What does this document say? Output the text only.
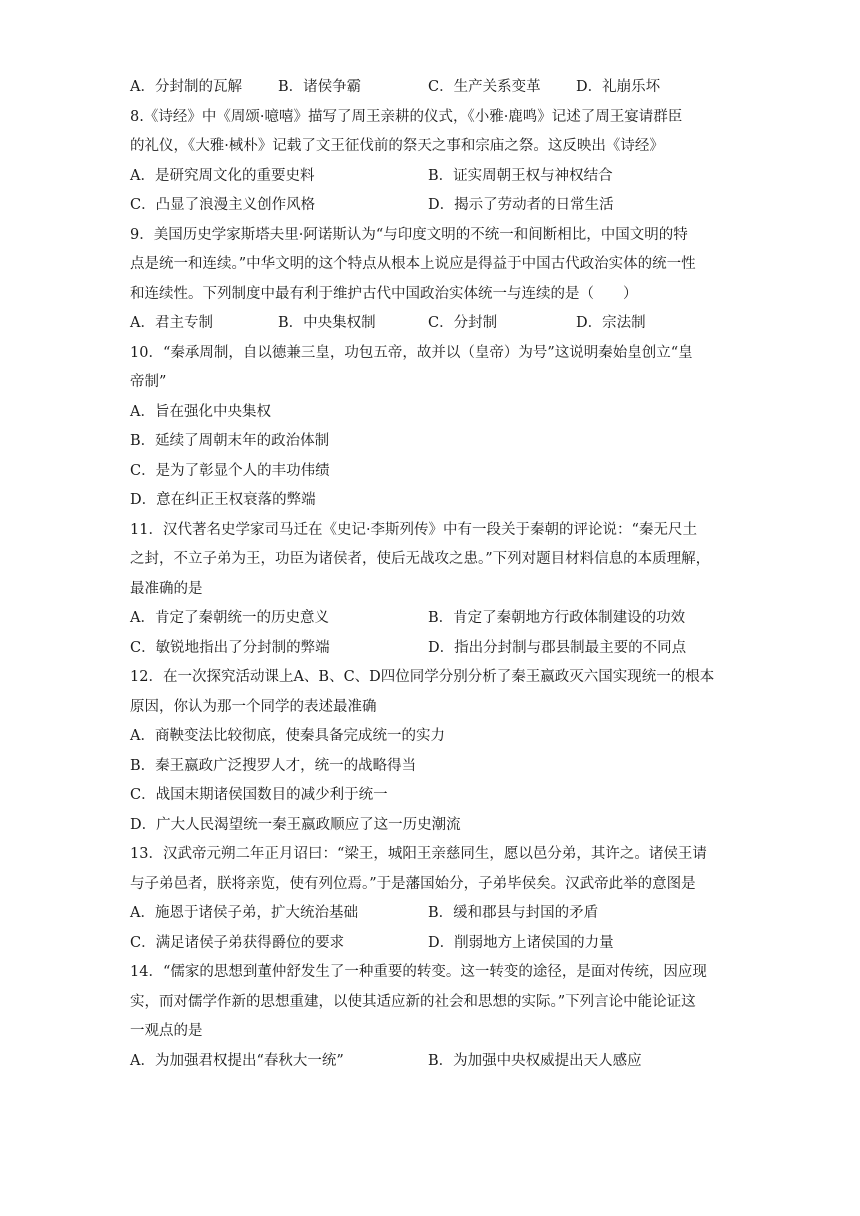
A．分封制的瓦解	B．诸侯争霸	C．生产关系变革	D．礼崩乐坏
8.《诗经》中《周颂·噫嘻》描写了周王亲耕的仪式，《小雅·鹿鸣》记述了周王宴请群臣
的礼仪，《大雅·棫朴》记载了文王征伐前的祭天之事和宗庙之祭。这反映出《诗经》
A．是研究周文化的重要史料	B．证实周朝王权与神权结合
C．凸显了浪漫主义创作风格	D．揭示了劳动者的日常生活
9．美国历史学家斯塔夫里·阿诺斯认为“与印度文明的不统一和间断相比，中国文明的特
点是统一和连续。”中华文明的这个特点从根本上说应是得益于中国古代政治实体的统一性
和连续性。下列制度中最有利于维护古代中国政治实体统一与连续的是（　　）
A．君主专制	B．中央集权制	C．分封制	D．宗法制
10．“秦承周制，自以德兼三皇，功包五帝，故并以（皇帝）为号”这说明秦始皇创立“皇
帝制”
A．旨在强化中央集权
B．延续了周朝末年的政治体制
C．是为了彰显个人的丰功伟绩
D．意在纠正王权衰落的弊端
11．汉代著名史学家司马迁在《史记·李斯列传》中有一段关于秦朝的评论说：“秦无尺土
之封，不立子弟为王，功臣为诸侯者，使后无战攻之患。”下列对题目材料信息的本质理解，
最准确的是
A．肯定了秦朝统一的历史意义	B．肯定了秦朝地方行政体制建设的功效
C．敏锐地指出了分封制的弊端	D．指出分封制与郡县制最主要的不同点
12．在一次探究活动课上A、B、C、D四位同学分别分析了秦王嬴政灭六国实现统一的根本
原因，你认为那一个同学的表述最准确
A．商鞅变法比较彻底，使秦具备完成统一的实力
B．秦王嬴政广泛搜罗人才，统一的战略得当
C．战国末期诸侯国数目的减少利于统一
D．广大人民渴望统一秦王嬴政顺应了这一历史潮流
13．汉武帝元朔二年正月诏曰：“梁王，城阳王亲慈同生，愿以邑分弟，其许之。诸侯王请
与子弟邑者，朕将亲览，使有列位焉。”于是藩国始分，子弟毕侯矣。汉武帝此举的意图是
A．施恩于诸侯子弟，扩大统治基础	B．缓和郡县与封国的矛盾
C．满足诸侯子弟获得爵位的要求	D．削弱地方上诸侯国的力量
14．“儒家的思想到董仲舒发生了一种重要的转变。这一转变的途径，是面对传统，因应现
实，而对儒学作新的思想重建，以使其适应新的社会和思想的实际。”下列言论中能论证这
一观点的是
A．为加强君权提出“春秋大一统”	B．为加强中央权威提出天人感应
